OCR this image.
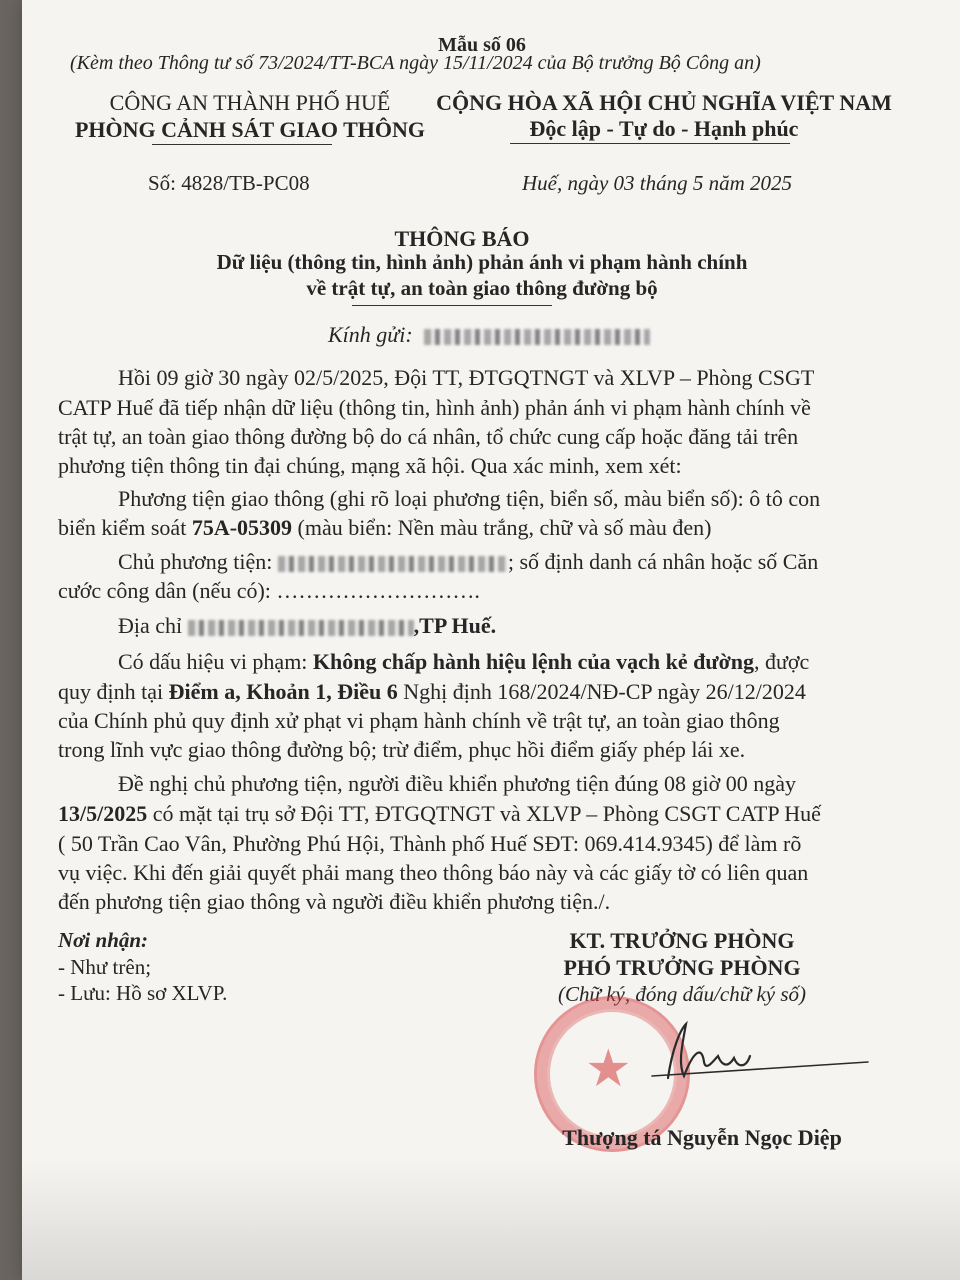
Mẫu số 06
(Kèm theo Thông tư số 73/2024/TT-BCA ngày 15/11/2024 của Bộ trưởng Bộ Công an)
CÔNG AN THÀNH PHỐ HUẾ
PHÒNG CẢNH SÁT GIAO THÔNG
CỘNG HÒA XÃ HỘI CHỦ NGHĨA VIỆT NAM
Độc lập - Tự do - Hạnh phúc
Số: 4828/TB-PC08	Huế, ngày 03 tháng 5 năm 2025
THÔNG BÁO
Dữ liệu (thông tin, hình ảnh) phản ánh vi phạm hành chính
về trật tự, an toàn giao thông đường bộ
Kính gửi:
Hồi 09 giờ 30 ngày 02/5/2025, Đội TT, ĐTGQTNGT và XLVP – Phòng CSGT
CATP Huế đã tiếp nhận dữ liệu (thông tin, hình ảnh) phản ánh vi phạm hành chính về
trật tự, an toàn giao thông đường bộ do cá nhân, tổ chức cung cấp hoặc đăng tải trên
phương tiện thông tin đại chúng, mạng xã hội. Qua xác minh, xem xét:
Phương tiện giao thông (ghi rõ loại phương tiện, biển số, màu biển số): ô tô con
biển kiểm soát 75A-05309 (màu biển: Nền màu trắng, chữ và số màu đen)
Chủ phương tiện:	; số định danh cá nhân hoặc số Căn
cước công dân (nếu có): ……………………….
Địa chỉ	,TP Huế.
Có dấu hiệu vi phạm: Không chấp hành hiệu lệnh của vạch kẻ đường, được
quy định tại Điểm a, Khoản 1, Điều 6 Nghị định 168/2024/NĐ-CP ngày 26/12/2024
của Chính phủ quy định xử phạt vi phạm hành chính về trật tự, an toàn giao thông
trong lĩnh vực giao thông đường bộ; trừ điểm, phục hồi điểm giấy phép lái xe.
Đề nghị chủ phương tiện, người điều khiển phương tiện đúng 08 giờ 00 ngày
13/5/2025 có mặt tại trụ sở Đội TT, ĐTGQTNGT và XLVP – Phòng CSGT CATP Huế
( 50 Trần Cao Vân, Phường Phú Hội, Thành phố Huế SĐT: 069.414.9345) để làm rõ
vụ việc. Khi đến giải quyết phải mang theo thông báo này và các giấy tờ có liên quan
đến phương tiện giao thông và người điều khiển phương tiện./.
Nơi nhận:
- Như trên;
- Lưu: Hồ sơ XLVP.
KT. TRƯỞNG PHÒNG
PHÓ TRƯỞNG PHÒNG
(Chữ ký, đóng dấu/chữ ký số)
★
Thượng tá Nguyễn Ngọc Diệp
